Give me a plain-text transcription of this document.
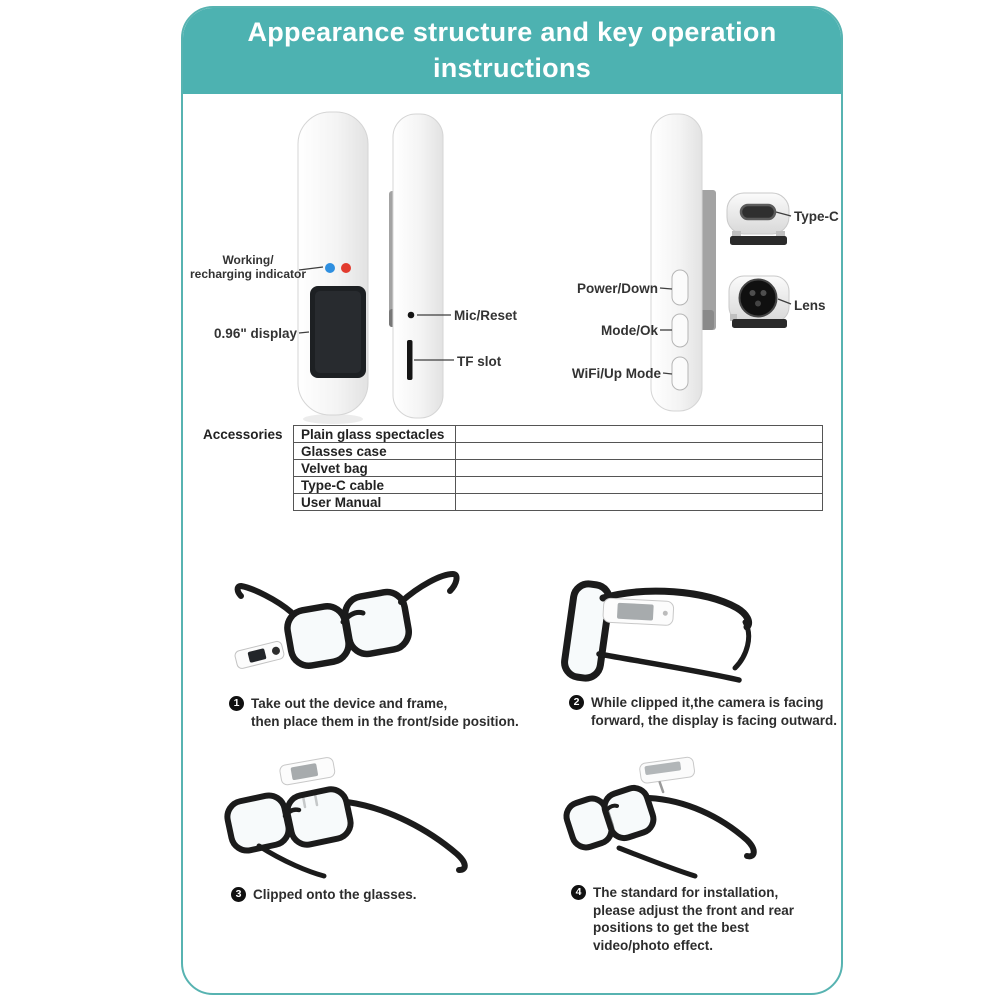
Appearance structure and key operation
instructions
Working/
recharging indicator
0.96" display
Mic/Reset
TF slot
Power/Down
Mode/Ok
WiFi/Up Mode
Type-C
Lens
Accessories Plain glass spectacles	
Glasses case	
Velvet bag	
Type-C cable	
User Manual	
1 Take out the device and frame,
then place them in the front/side position.
2 While clipped it,the camera is facing
forward, the display is facing outward.
3 Clipped onto the glasses.	4 The standard for installation,
please adjust the front and rear
positions to get the best
video/photo effect.
